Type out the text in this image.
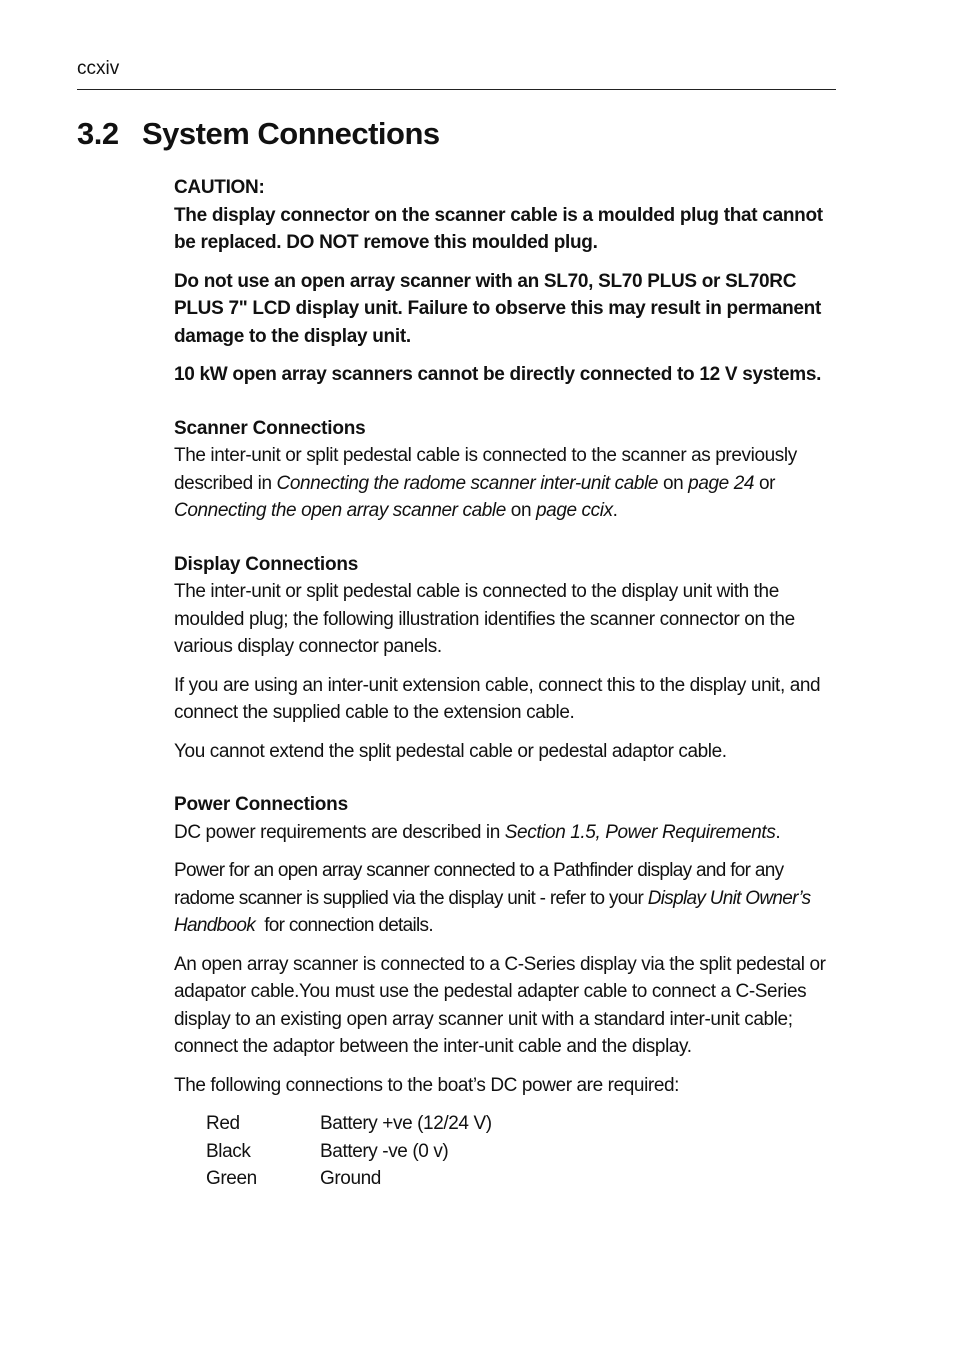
ccxiv
3.2 System Connections
CAUTION:

The display connector on the scanner cable is a moulded plug that cannot be replaced. DO NOT remove this moulded plug.

Do not use an open array scanner with an SL70, SL70 PLUS or SL70RC PLUS 7" LCD display unit. Failure to observe this may result in permanent damage to the display unit.

10 kW open array scanners cannot be directly connected to 12 V systems.

Scanner Connections

The inter-unit or split pedestal cable is connected to the scanner as previously described in Connecting the radome scanner inter-unit cable on page 24 or Connecting the open array scanner cable on page ccix.

Display Connections

The inter-unit or split pedestal cable is connected to the display unit with the moulded plug; the following illustration identifies the scanner connector on the various display connector panels.

If you are using an inter-unit extension cable, connect this to the display unit, and connect the supplied cable to the extension cable.

You cannot extend the split pedestal cable or pedestal adaptor cable.

Power Connections

DC power requirements are described in Section 1.5, Power Requirements.

Power for an open array scanner connected to a Pathfinder display and for any radome scanner is supplied via the display unit - refer to your Display Unit Owner’s Handbook  for connection details.

An open array scanner is connected to a C-Series display via the split pedestal or adapator cable.You must use the pedestal adapter cable to connect a C-Series display to an existing open array scanner unit with a standard inter-unit cable; connect the adaptor between the inter-unit cable and the display.

The following connections to the boat’s DC power are required:

Red	Battery +ve (12/24 V)
Black	Battery -ve (0 v)
Green	Ground
